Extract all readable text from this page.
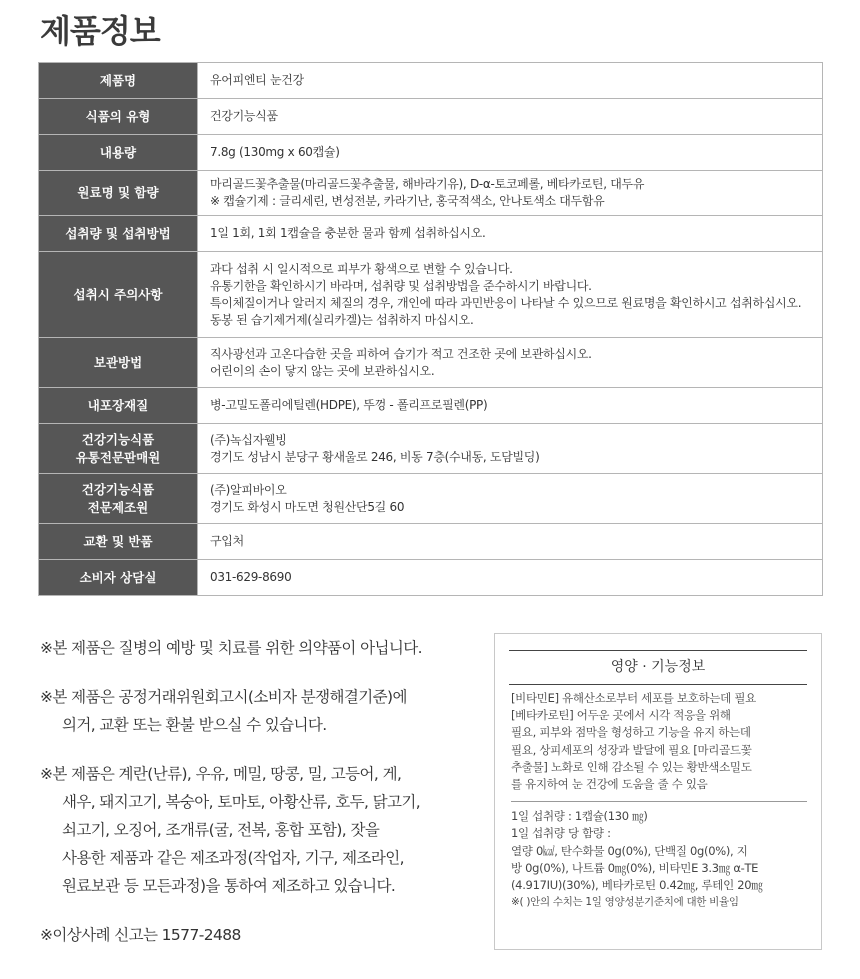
제품정보
제품명	유어피엔티 눈건강

식품의 유형	건강기능식품

내용량	7.8g (130mg x 60캡슐)

원료명 및 함량	마리골드꽃추출물(마리골드꽃추출물, 해바라기유), D-α-토코페롤, 베타카로틴, 대두유
※ 캡슐기제 : 글리세린, 변성전분, 카라기난, 홍국적색소, 안나토색소 대두함유

섭취량 및 섭취방법	1일 1회, 1회 1캡슐을 충분한 물과 함께 섭취하십시오.

섭취시 주의사항	과다 섭취 시 일시적으로 피부가 황색으로 변할 수 있습니다.
유통기한을 확인하시기 바라며, 섭취량 및 섭취방법을 준수하시기 바랍니다.
특이체질이거나 알러지 체질의 경우, 개인에 따라 과민반응이 나타날 수 있으므로 원료명을 확인하시고 섭취하십시오.
동봉 된 습기제거제(실리카겔)는 섭취하지 마십시오.

보관방법	직사광선과 고온다습한 곳을 피하여 습기가 적고 건조한 곳에 보관하십시오.
어린이의 손이 닿지 않는 곳에 보관하십시오.

내포장재질	병-고밀도폴리에틸렌(HDPE), 뚜껑 - 폴리프로필렌(PP)

건강기능식품
유통전문판매원	(주)녹십자웰빙
경기도 성남시 분당구 황새울로 246, 비동 7층(수내동, 도담빌딩)

건강기능식품
전문제조원	(주)알피바이오
경기도 화성시 마도면 청원산단5길 60

교환 및 반품	구입처

소비자 상담실	031-629-8690
※본 제품은 질병의 예방 및 치료를 위한 의약품이 아닙니다.
※본 제품은 공정거래위원회고시(소비자 분쟁해결기준)에
의거, 교환 또는 환불 받으실 수 있습니다.
※본 제품은 계란(난류), 우유, 메밀, 땅콩, 밀, 고등어, 게,
새우, 돼지고기, 복숭아, 토마토, 아황산류, 호두, 닭고기,
쇠고기, 오징어, 조개류(굴, 전복, 홍합 포함), 잣을
사용한 제품과 같은 제조과정(작업자, 기구, 제조라인,
원료보관 등 모든과정)을 통하여 제조하고 있습니다.
※이상사례 신고는 1577-2488
영양 · 기능정보
[비타민E] 유해산소로부터 세포를 보호하는데 필요
[베타카로틴] 어두운 곳에서 시각 적응을 위해
필요, 피부와 점막을 형성하고 기능을 유지 하는데
필요, 상피세포의 성장과 발달에 필요 [마리골드꽃
추출물] 노화로 인해 감소될 수 있는 황반색소밀도
를 유지하여 눈 건강에 도움을 줄 수 있음
1일 섭취량 : 1캡슐(130 ㎎)
1일 섭취량 당 함량 :
열량 0㎉, 탄수화물 0g(0%), 단백질 0g(0%), 지
방 0g(0%), 나트륨 0㎎(0%), 비타민E 3.3㎎ α-TE
(4.917IU)(30%), 베타카로틴 0.42㎎, 루테인 20㎎
※( )안의 수치는 1일 영양성분기준치에 대한 비율임
